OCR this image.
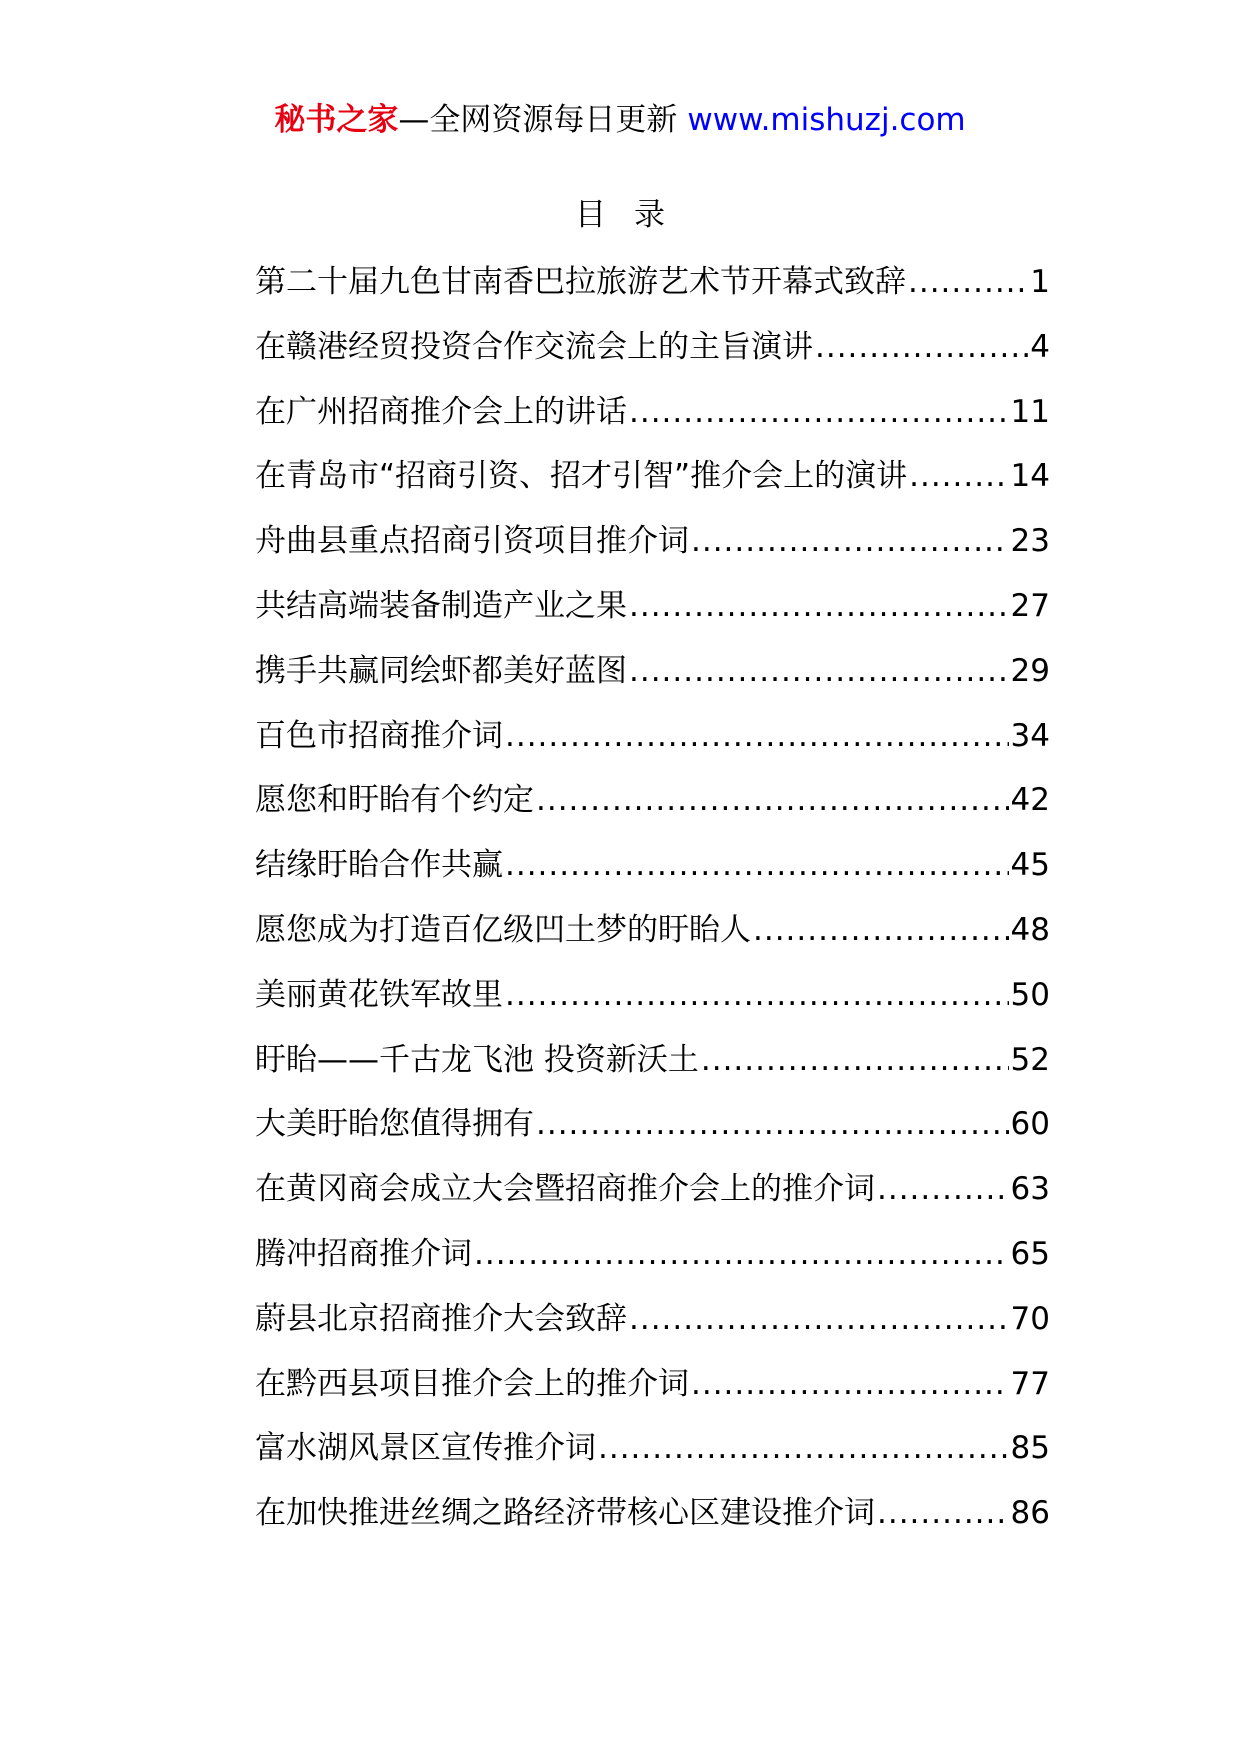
秘书之家—全网资源每日更新 www.mishuzj.com
目录
第二十届九色甘南香巴拉旅游艺术节开幕式致辞 .....	1
在赣港经贸投资合作交流会上的主旨演讲 .....	4
在广州招商推介会上的讲话 .....	11
在青岛市“招商引资、招才引智”推介会上的演讲 .....	14
舟曲县重点招商引资项目推介词 .....	23
共结高端装备制造产业之果 .....	27
携手共赢同绘虾都美好蓝图 .....	29
百色市招商推介词 .....	34
愿您和盱眙有个约定 .....	42
结缘盱眙合作共赢 .....	45
愿您成为打造百亿级凹土梦的盱眙人 .....	48
美丽黄花铁军故里 .....	50
盱眙——千古龙飞池 投资新沃土 .....	52
大美盱眙您值得拥有 .....	60
在黄冈商会成立大会暨招商推介会上的推介词 .....	63
腾冲招商推介词 .....	65
蔚县北京招商推介大会致辞 .....	70
在黔西县项目推介会上的推介词 .....	77
富水湖风景区宣传推介词 .....	85
在加快推进丝绸之路经济带核心区建设推介词 .....	86
